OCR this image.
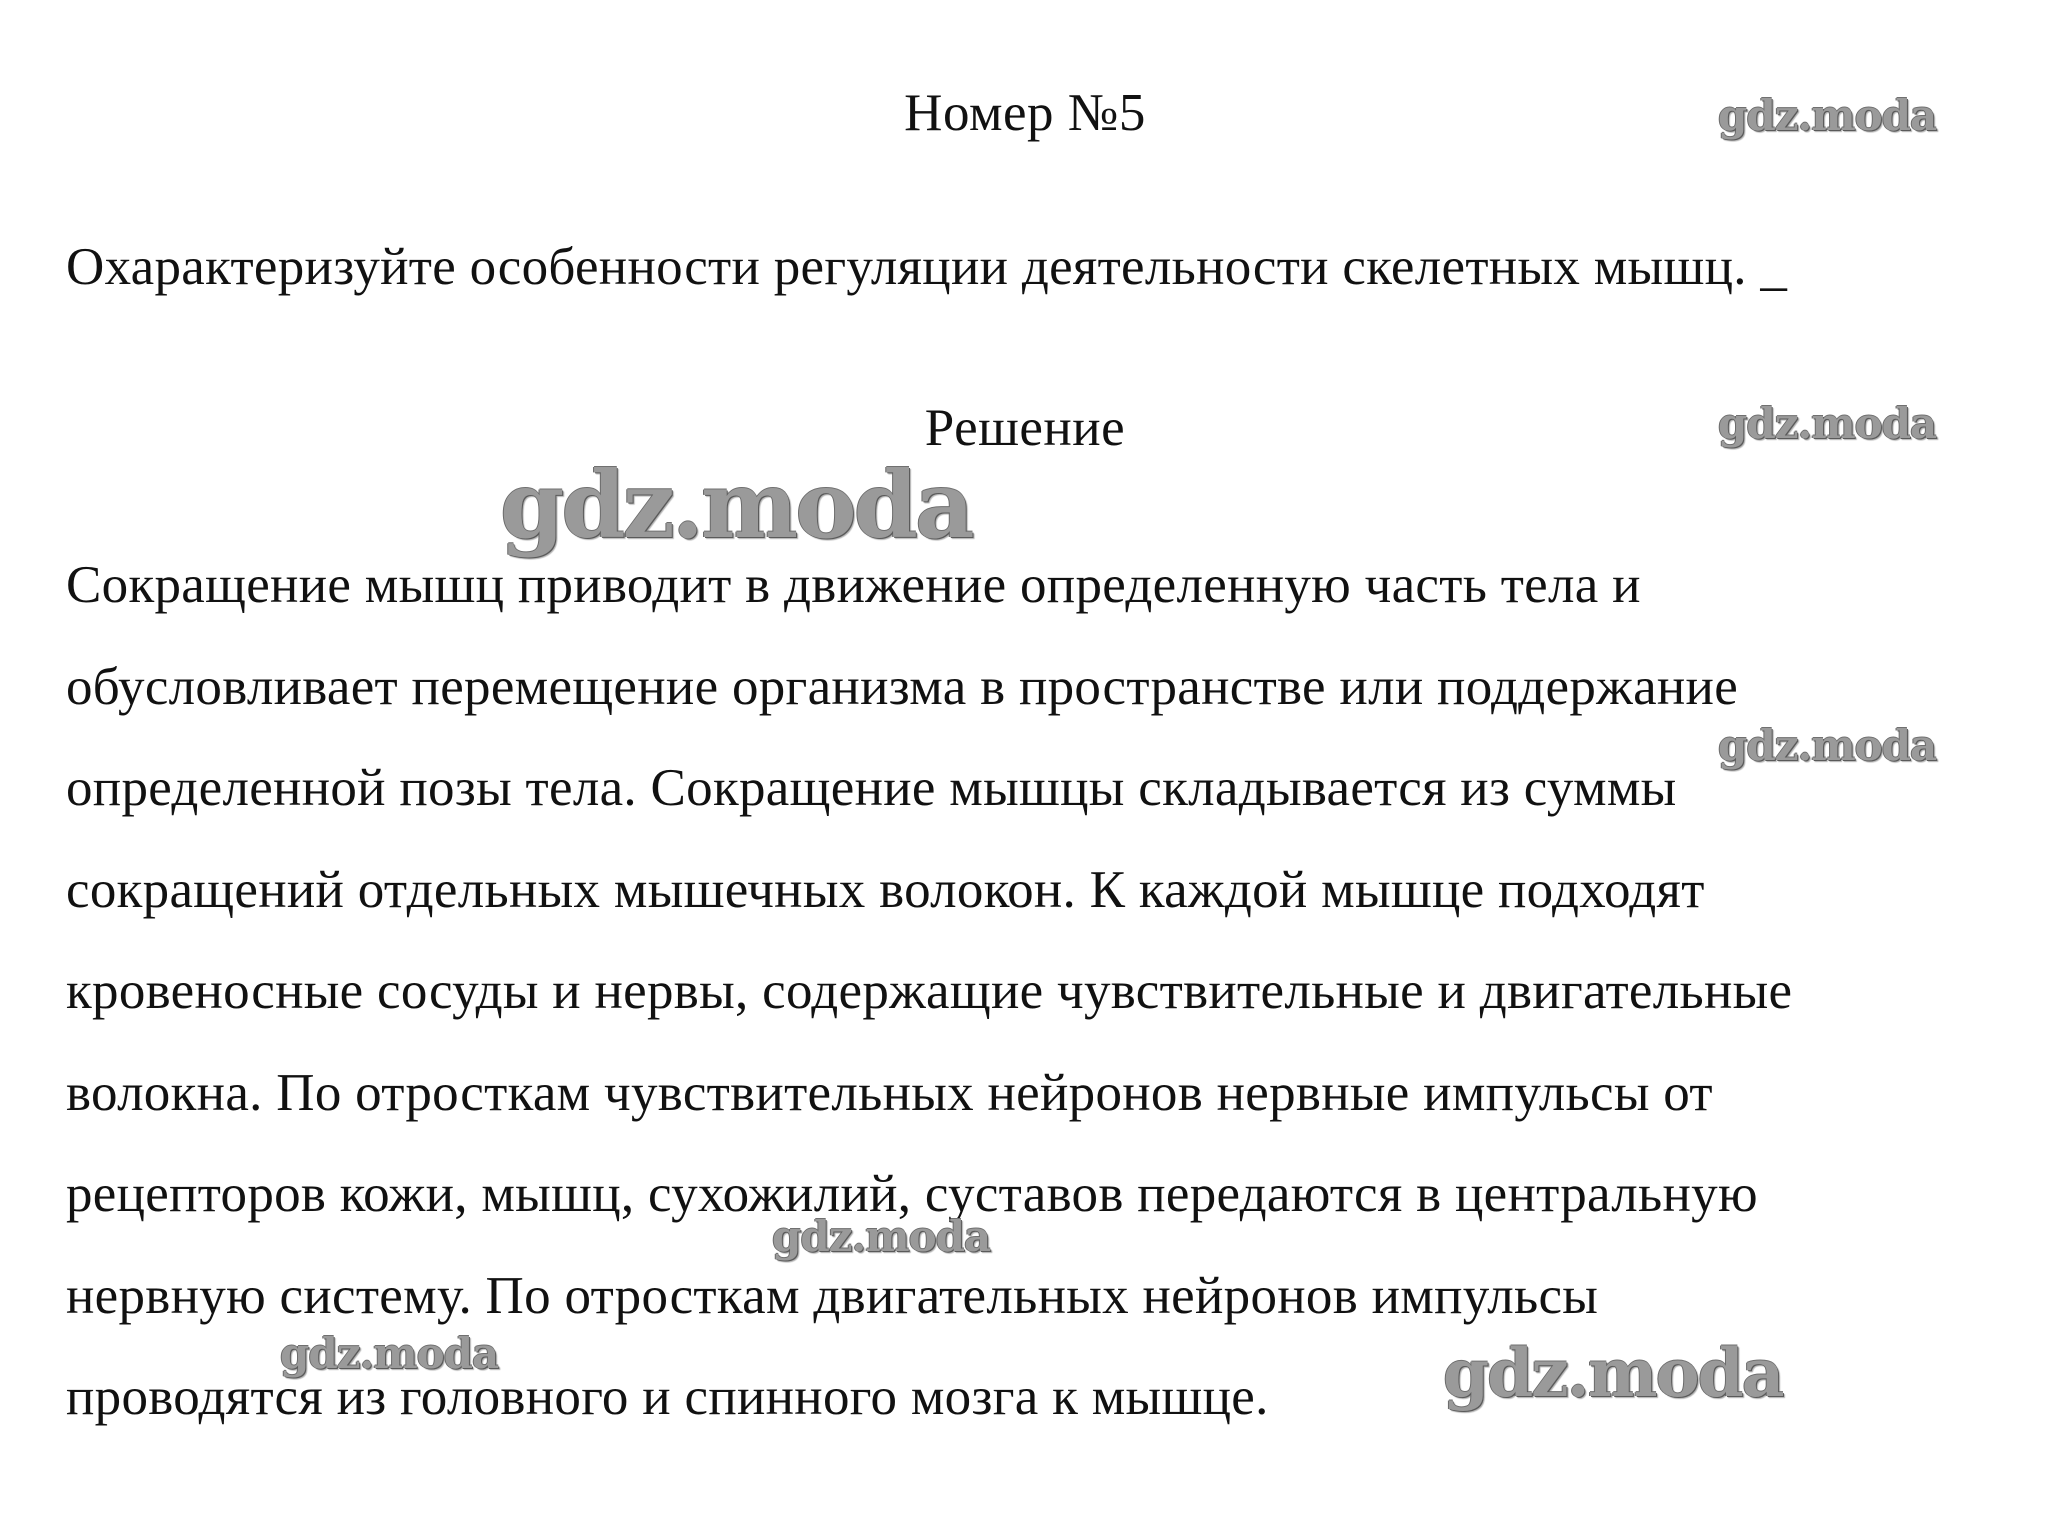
Номер №5
Охарактеризуйте особенности регуляции деятельности скелетных мышц. _
Решение
Сокращение мышц приводит в движение определенную часть тела и
обусловливает перемещение организма в пространстве или поддержание
определенной позы тела. Сокращение мышцы складывается из суммы
сокращений отдельных мышечных волокон. К каждой мышце подходят
кровеносные сосуды и нервы, содержащие чувствительные и двигательные
волокна. По отросткам чувствительных нейронов нервные импульсы от
рецепторов кожи, мышц, сухожилий, суставов передаются в центральную
нервную систему. По отросткам двигательных нейронов импульсы
проводятся из головного и спинного мозга к мышце.
gdz.moda
gdz.moda
gdz.moda
gdz.moda
gdz.moda
gdz.moda	gdz.moda
